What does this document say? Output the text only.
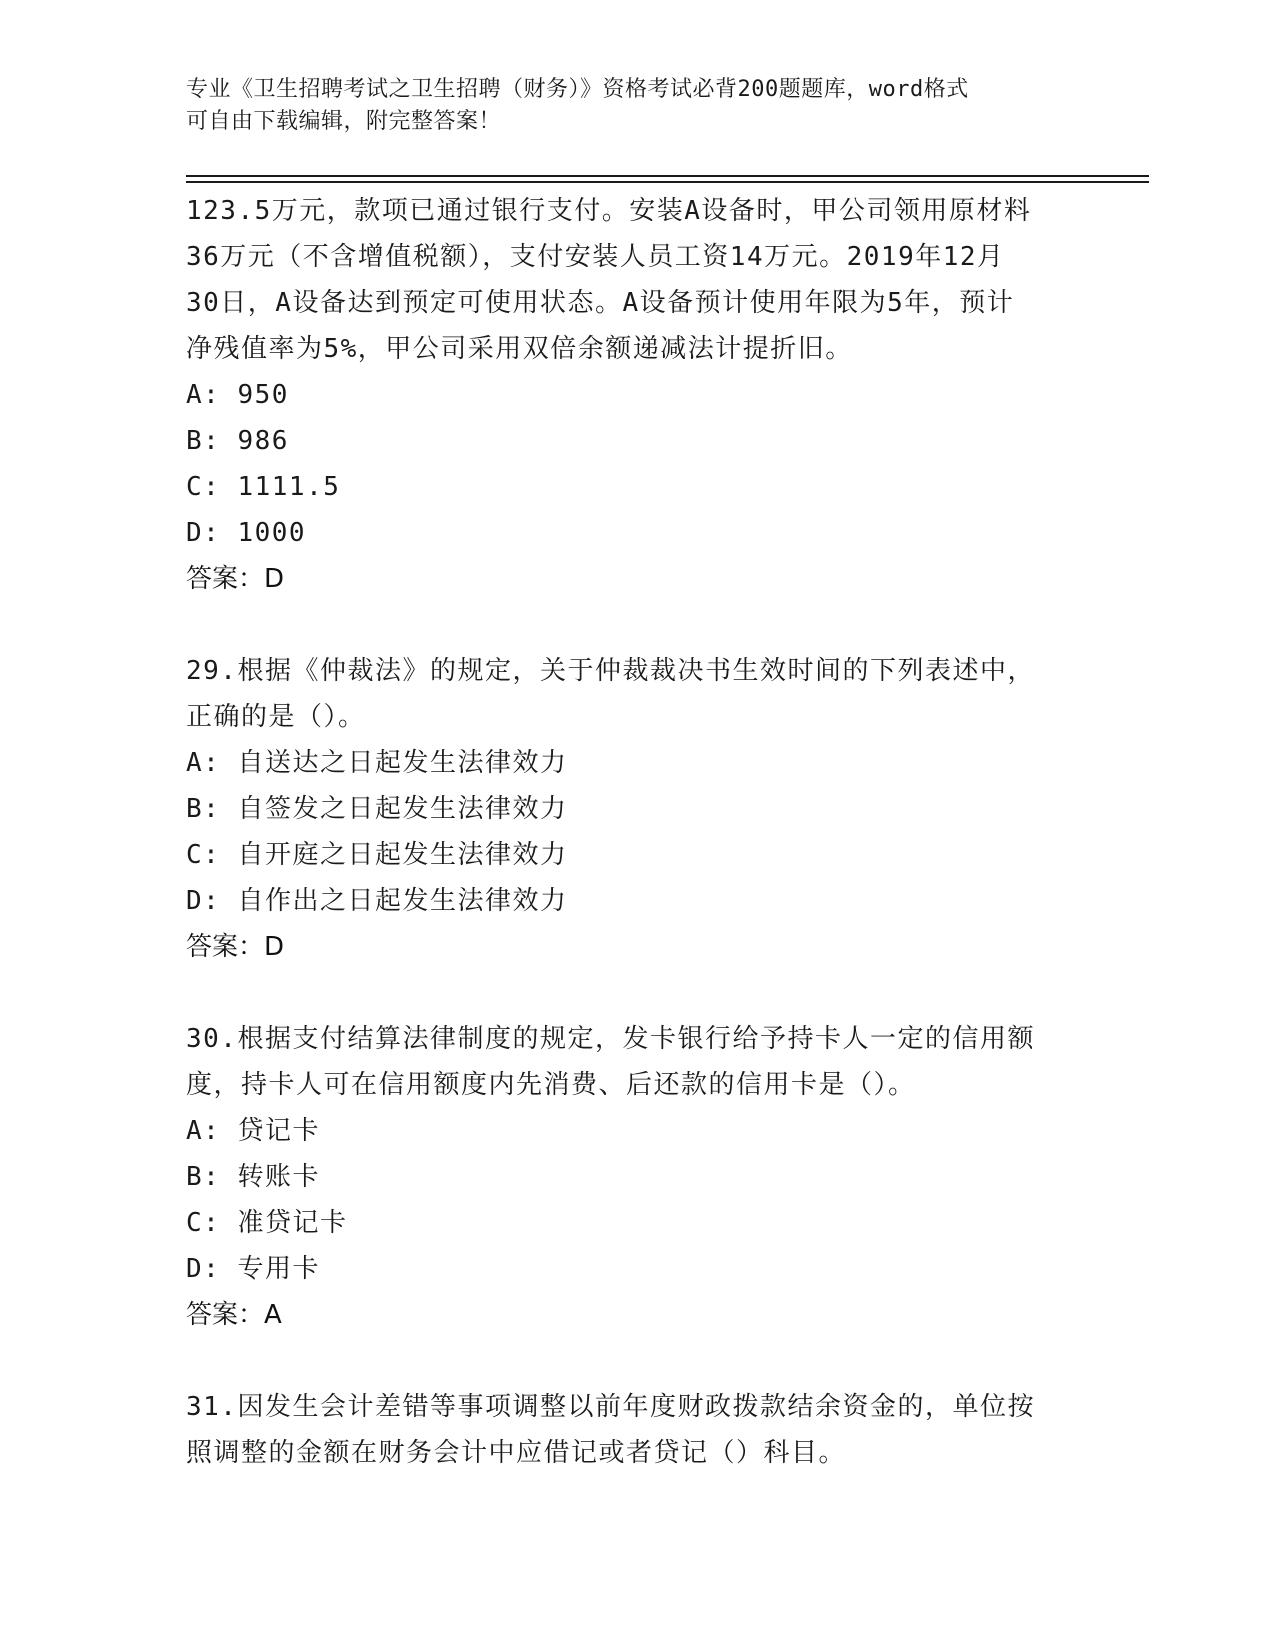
专业《卫生招聘考试之卫生招聘（财务）》资格考试必背200题题库，word格式
可自由下载编辑，附完整答案！

123.5万元，款项已通过银行支付。安装A设备时，甲公司领用原材料

36万元（不含增值税额），支付安装人员工资14万元。2019年12月

30日，A设备达到预定可使用状态。A设备预计使用年限为5年，预计

净残值率为5%，甲公司采用双倍余额递减法计提折旧。

A: 950

B: 986

C: 1111.5

D: 1000

答案：D

29.根据《仲裁法》的规定，关于仲裁裁决书生效时间的下列表述中，

正确的是（）。

A: 自送达之日起发生法律效力

B: 自签发之日起发生法律效力

C: 自开庭之日起发生法律效力

D: 自作出之日起发生法律效力

答案：D

30.根据支付结算法律制度的规定，发卡银行给予持卡人一定的信用额

度，持卡人可在信用额度内先消费、后还款的信用卡是（）。

A: 贷记卡

B: 转账卡

C: 准贷记卡

D: 专用卡

答案：A

31.因发生会计差错等事项调整以前年度财政拨款结余资金的，单位按

照调整的金额在财务会计中应借记或者贷记（）科目。
